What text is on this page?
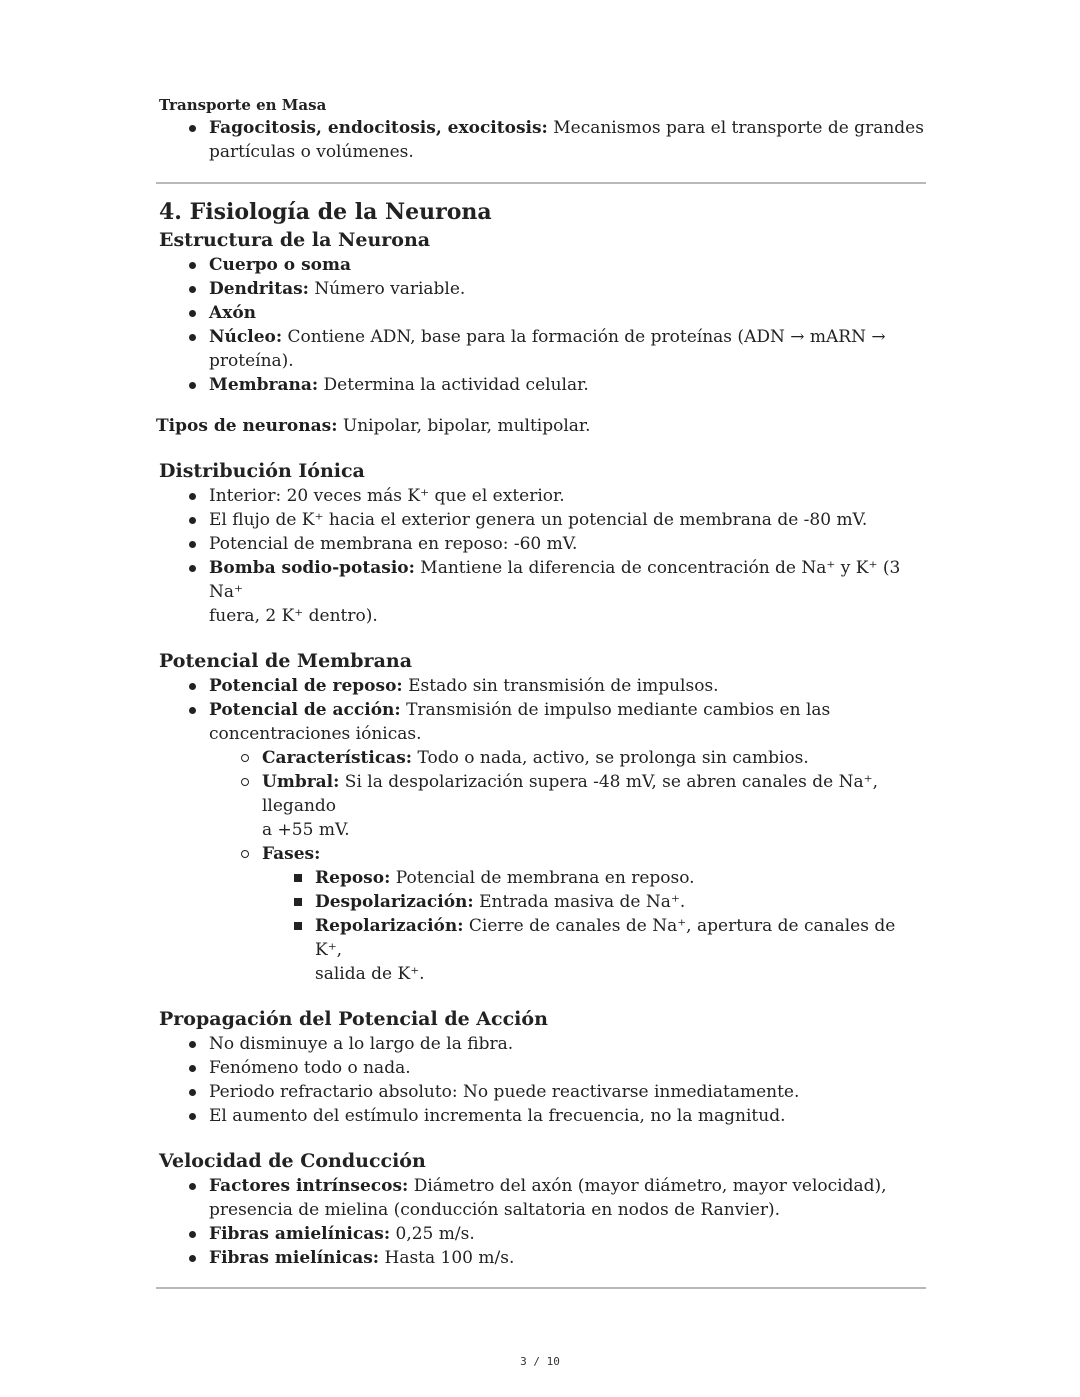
Transporte en Masa

Fagocitosis, endocitosis, exocitosis: Mecanismos para el transporte de grandes
partículas o volúmenes.

4. Fisiología de la Neurona

Estructura de la Neurona

Cuerpo o soma
Dendritas: Número variable.
Axón
Núcleo: Contiene ADN, base para la formación de proteínas (ADN → mARN →
proteína).
Membrana: Determina la actividad celular.

Tipos de neuronas: Unipolar, bipolar, multipolar.

Distribución Iónica

Interior: 20 veces más K⁺ que el exterior.
El flujo de K⁺ hacia el exterior genera un potencial de membrana de -80 mV.
Potencial de membrana en reposo: -60 mV.
Bomba sodio-potasio: Mantiene la diferencia de concentración de Na⁺ y K⁺ (3 Na⁺
fuera, 2 K⁺ dentro).

Potencial de Membrana

Potencial de reposo: Estado sin transmisión de impulsos.
Potencial de acción: Transmisión de impulso mediante cambios en las
concentraciones iónicas.
Características: Todo o nada, activo, se prolonga sin cambios.
Umbral: Si la despolarización supera -48 mV, se abren canales de Na⁺, llegando
a +55 mV.
Fases:
Reposo: Potencial de membrana en reposo.
Despolarización: Entrada masiva de Na⁺.
Repolarización: Cierre de canales de Na⁺, apertura de canales de K⁺,
salida de K⁺.

Propagación del Potencial de Acción

No disminuye a lo largo de la fibra.
Fenómeno todo o nada.
Periodo refractario absoluto: No puede reactivarse inmediatamente.
El aumento del estímulo incrementa la frecuencia, no la magnitud.

Velocidad de Conducción

Factores intrínsecos: Diámetro del axón (mayor diámetro, mayor velocidad),
presencia de mielina (conducción saltatoria en nodos de Ranvier).
Fibras amielínicas: 0,25 m/s.
Fibras mielínicas: Hasta 100 m/s.
3 / 10
